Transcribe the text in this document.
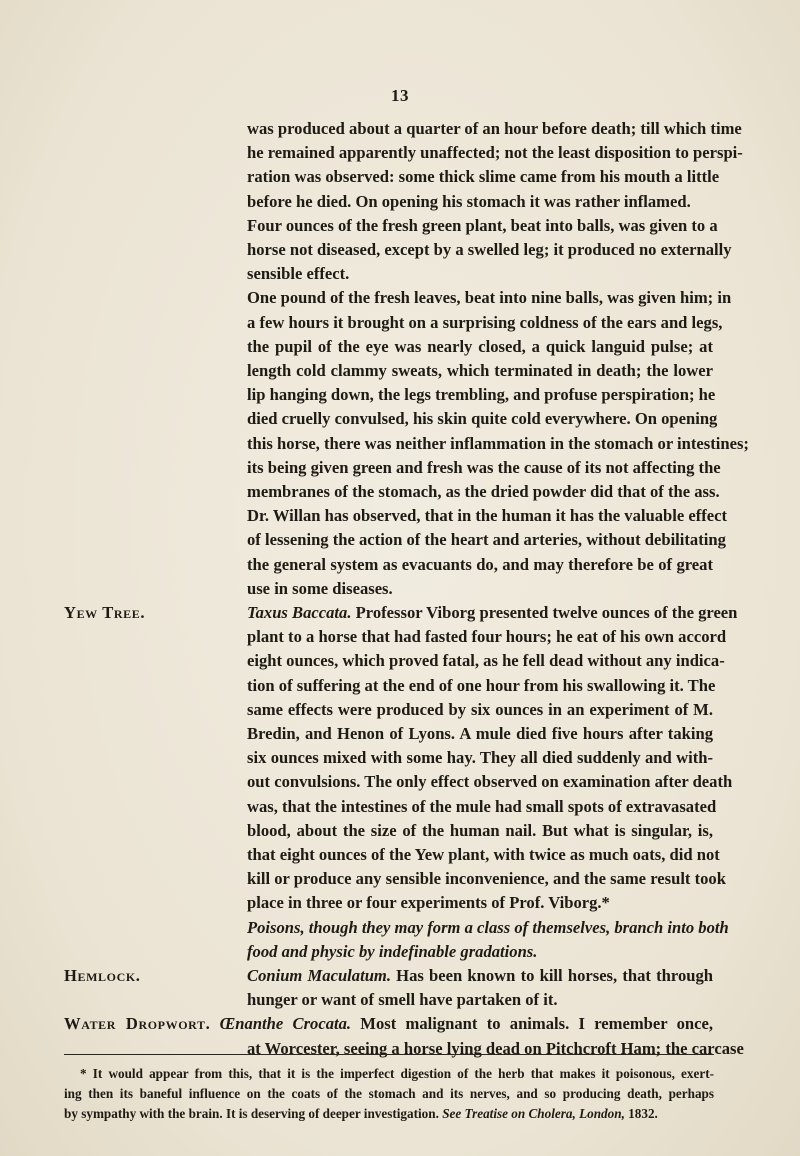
13
was produced about a quarter of an hour before death; till which time
he remained apparently unaffected; not the least disposition to perspi-
ration was observed: some thick slime came from his mouth a little
before he died. On opening his stomach it was rather inflamed.
Four ounces of the fresh green plant, beat into balls, was given to a
horse not diseased, except by a swelled leg; it produced no externally
sensible effect.
One pound of the fresh leaves, beat into nine balls, was given him; in
a few hours it brought on a surprising coldness of the ears and legs,
the pupil of the eye was nearly closed, a quick languid pulse; at
length cold clammy sweats, which terminated in death; the lower
lip hanging down, the legs trembling, and profuse perspiration; he
died cruelly convulsed, his skin quite cold everywhere. On opening
this horse, there was neither inflammation in the stomach or intestines;
its being given green and fresh was the cause of its not affecting the
membranes of the stomach, as the dried powder did that of the ass.
Dr. Willan has observed, that in the human it has the valuable effect
of lessening the action of the heart and arteries, without debilitating
the general system as evacuants do, and may therefore be of great
use in some diseases.
Yew Tree.	Taxus Baccata. Professor Viborg presented twelve ounces of the green
plant to a horse that had fasted four hours; he eat of his own accord
eight ounces, which proved fatal, as he fell dead without any indica-
tion of suffering at the end of one hour from his swallowing it. The
same effects were produced by six ounces in an experiment of M.
Bredin, and Henon of Lyons. A mule died five hours after taking
six ounces mixed with some hay. They all died suddenly and with-
out convulsions. The only effect observed on examination after death
was, that the intestines of the mule had small spots of extravasated
blood, about the size of the human nail. But what is singular, is,
that eight ounces of the Yew plant, with twice as much oats, did not
kill or produce any sensible inconvenience, and the same result took
place in three or four experiments of Prof. Viborg.*
Poisons, though they may form a class of themselves, branch into both
food and physic by indefinable gradations.
Hemlock.	Conium Maculatum. Has been known to kill horses, that through
hunger or want of smell have partaken of it.
Water Dropwort. Œnanthe Crocata. Most malignant to animals. I remember once,
at Worcester, seeing a horse lying dead on Pitchcroft Ham; the carcase
* It would appear from this, that it is the imperfect digestion of the herb that makes it poisonous, exert-
ing then its baneful influence on the coats of the stomach and its nerves, and so producing death, perhaps
by sympathy with the brain. It is deserving of deeper investigation. See Treatise on Cholera, London, 1832.
